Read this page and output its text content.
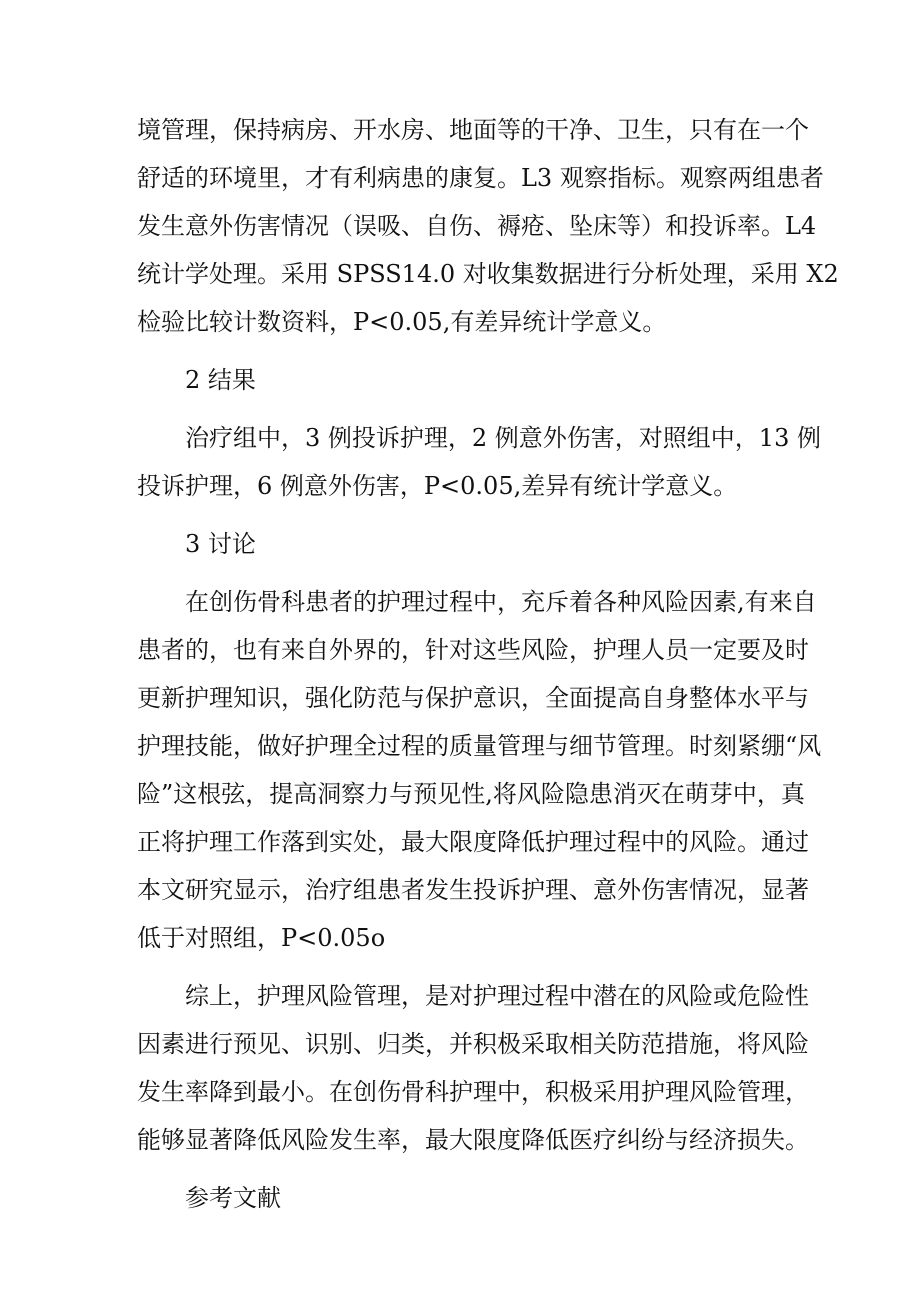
境管理，保持病房、开水房、地面等的干净、卫生，只有在一个
舒适的环境里，才有利病患的康复。L3 观察指标。观察两组患者
发生意外伤害情况（误吸、自伤、褥疮、坠床等）和投诉率。L4
统计学处理。采用 SPSS14.0 对收集数据进行分析处理，采用 X2
检验比较计数资料，P<0.05,有差异统计学意义。
2 结果
治疗组中，3 例投诉护理，2 例意外伤害，对照组中，13 例
投诉护理，6 例意外伤害，P<0.05,差异有统计学意义。
3 讨论
在创伤骨科患者的护理过程中，充斥着各种风险因素,有来自
患者的，也有来自外界的，针对这些风险，护理人员一定要及时
更新护理知识，强化防范与保护意识，全面提高自身整体水平与
护理技能，做好护理全过程的质量管理与细节管理。时刻紧绷“风
险”这根弦，提高洞察力与预见性,将风险隐患消灭在萌芽中，真
正将护理工作落到实处，最大限度降低护理过程中的风险。通过
本文研究显示，治疗组患者发生投诉护理、意外伤害情况，显著
低于对照组，P<0.05o
综上，护理风险管理，是对护理过程中潜在的风险或危险性
因素进行预见、识别、归类，并积极采取相关防范措施，将风险
发生率降到最小。在创伤骨科护理中，积极采用护理风险管理，
能够显著降低风险发生率，最大限度降低医疗纠纷与经济损失。
参考文献
